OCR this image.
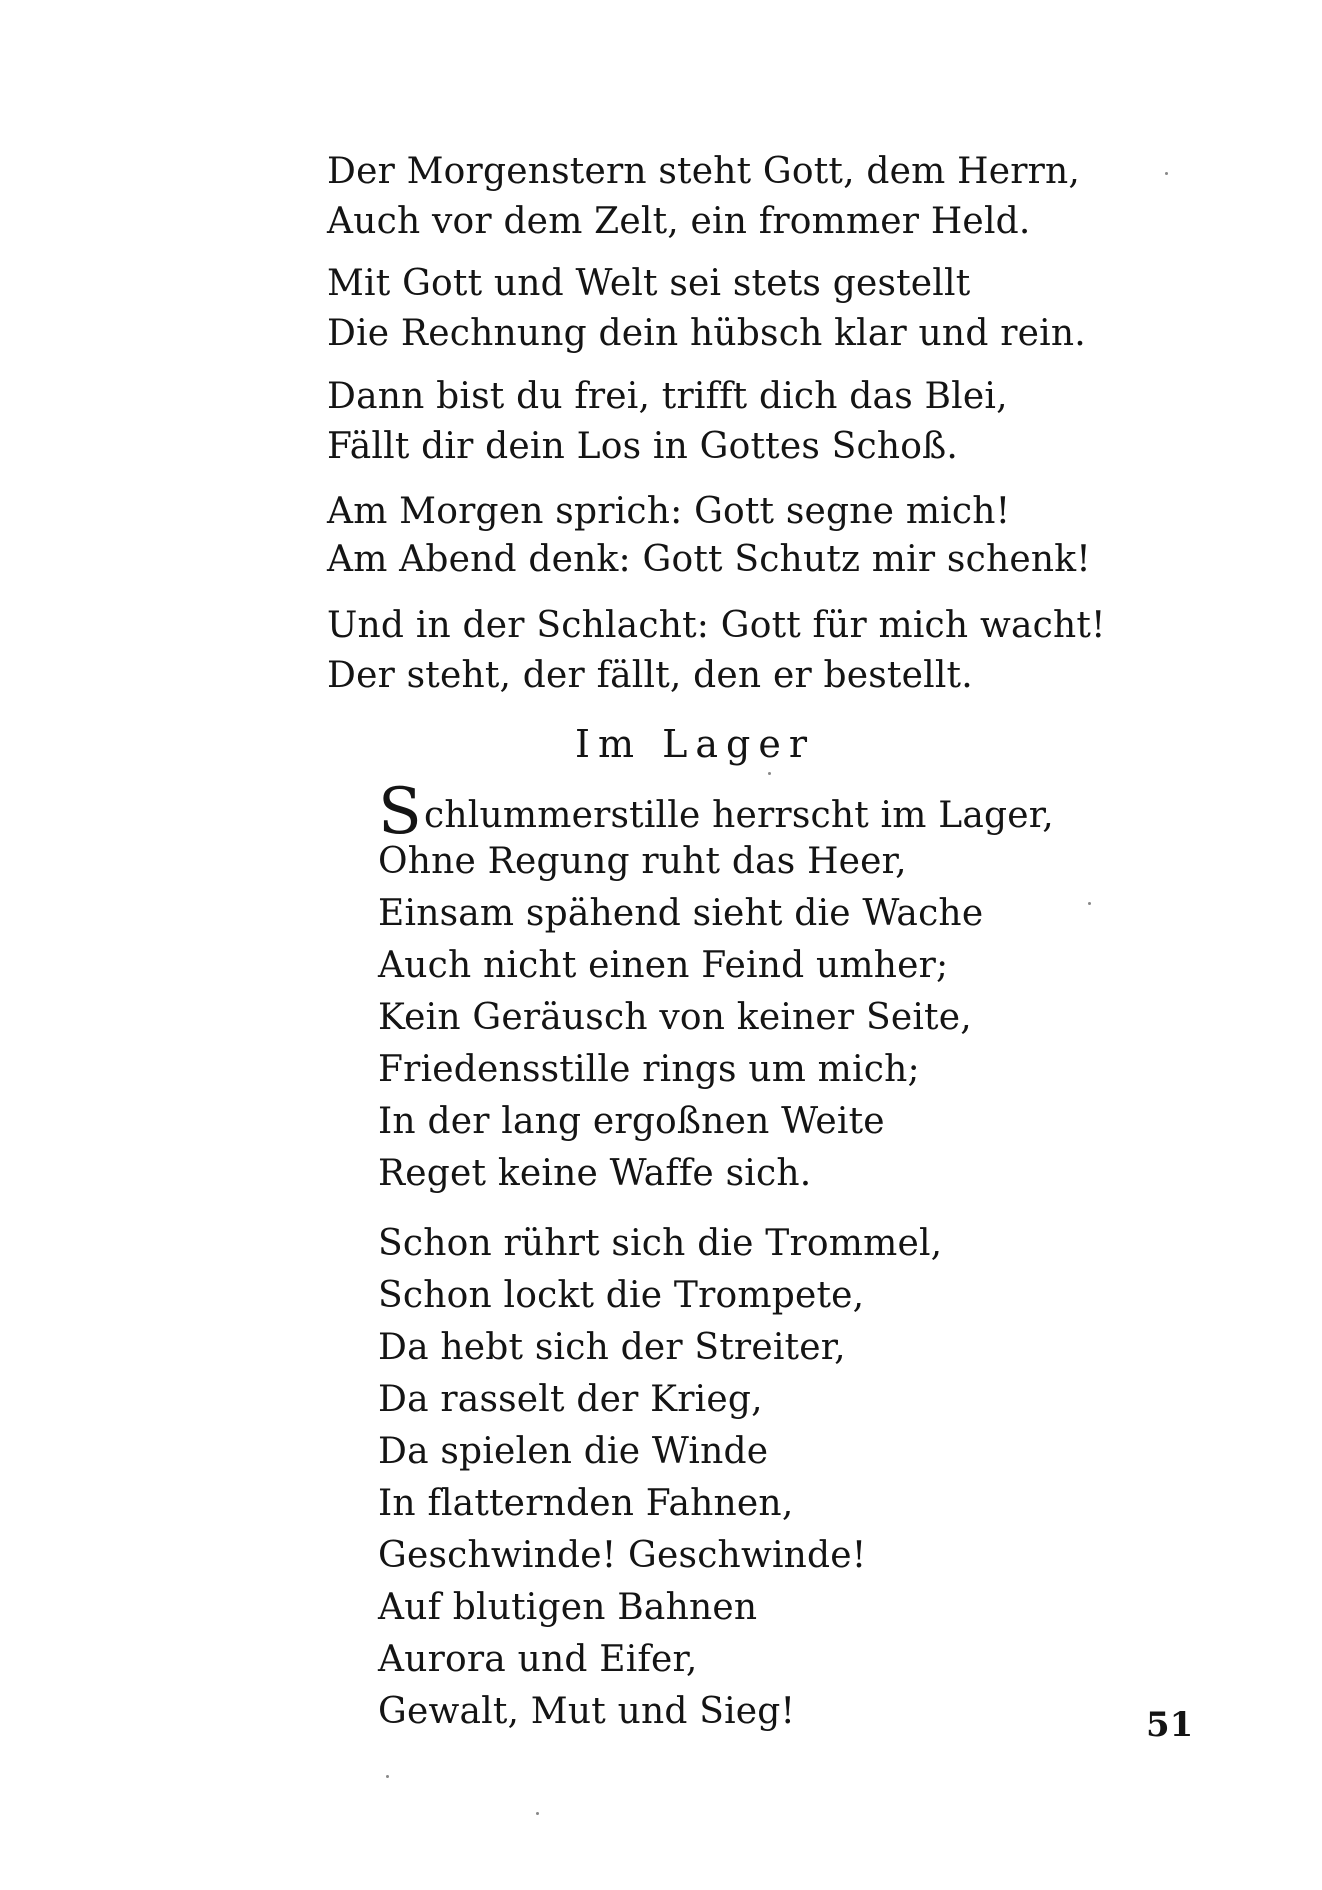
Der Morgenstern steht Gott, dem Herrn,
Auch vor dem Zelt, ein frommer Held.
Mit Gott und Welt sei stets gestellt
Die Rechnung dein hübsch klar und rein.
Dann bist du frei, trifft dich das Blei,
Fällt dir dein Los in Gottes Schoß.
Am Morgen sprich: Gott segne mich!
Am Abend denk: Gott Schutz mir schenk!
Und in der Schlacht: Gott für mich wacht!
Der steht, der fällt, den er bestellt.
Im Lager
Schlummerstille herrscht im Lager,
Ohne Regung ruht das Heer,
Einsam spähend sieht die Wache
Auch nicht einen Feind umher;
Kein Geräusch von keiner Seite,
Friedensstille rings um mich;
In der lang ergoßnen Weite
Reget keine Waffe sich.
Schon rührt sich die Trommel,
Schon lockt die Trompete,
Da hebt sich der Streiter,
Da rasselt der Krieg,
Da spielen die Winde
In flatternden Fahnen,
Geschwinde! Geschwinde!
Auf blutigen Bahnen
Aurora und Eifer,
Gewalt, Mut und Sieg!	51
